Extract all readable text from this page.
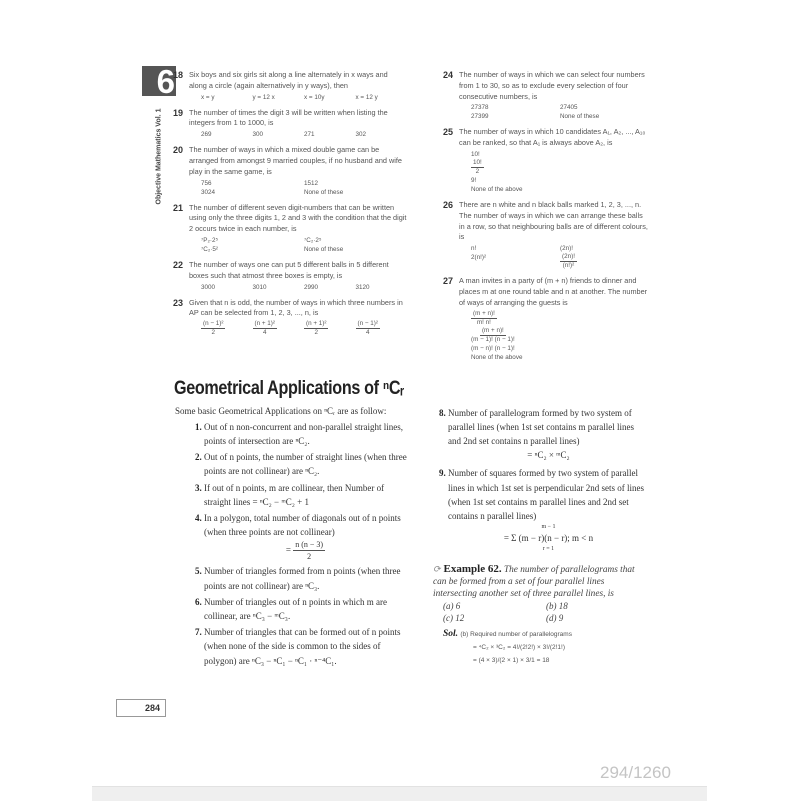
6
Objective Mathematics Vol. 1
18 Six boys and six girls sit along a line alternately in x ways and along a circle (again alternatively in y ways), then
x = y	y = 12 x	x = 10y	x = 12 y
19 The number of times the digit 3 will be written when listing the integers from 1 to 1000, is
269	300	271	302
20 The number of ways in which a mixed double game can be arranged from amongst 9 married couples, if no husband and wife play in the same game, is
756	1512
3024	None of these
21 The number of different seven digit-numbers that can be written using only the three digits 1, 2 and 3 with the condition that the digit 2 occurs twice in each number, is
⁷P₂·2⁵	⁷C₂·2⁵
⁷C₂·5²	None of these
22 The number of ways one can put 5 different balls in 5 different boxes such that atmost three boxes is empty, is
3000	3010	2990	3120
23 Given that n is odd, the number of ways in which three numbers in AP can be selected from 1, 2, 3, ..., n, is
$\frac{\text{(n − 1)²}}{2}$	$\frac{\text{(n + 1)²}}{4}$	$\frac{\text{(n + 1)²}}{2}$	$\frac{\text{(n − 1)²}}{4}$
24 The number of ways in which we can select four numbers from 1 to 30, so as to exclude every selection of four consecutive numbers, is
27378	27405
27399	None of these
25 The number of ways in which 10 candidates A₁, A₂, ..., A₁₀ can be ranked, so that A₁ is always above A₂, is
10!
$\frac{10!}{2}$
9!
None of the above
26 There are n white and n black balls marked 1, 2, 3, ..., n. The number of ways in which we can arrange these balls in a row, so that neighbouring balls are of different colours, is
n!	(2n)!
2(n!)²	$\frac{(2n)!}{\text{(n!)²}}$
27 A man invites in a party of (m + n) friends to dinner and places m at one round table and n at another. The number of ways of arranging the guests is
$\frac{(m + n)!}{m! n!}$
$\frac{(m + n)!}{(m - 1)! (n - 1)!}$
(m − n)! (n − 1)!
None of the above
Geometrical Applications of ⁿCᵣ
Some basic Geometrical Applications on ⁿCᵣ are as follow:
1. Out of n non-concurrent and non-parallel straight lines, points of intersection are ⁿC₂.
2. Out of n points, the number of straight lines (when three points are not collinear) are ⁿC₂.
3. If out of n points, m are collinear, then Number of straight lines = ⁿC₂ − ᵐC₂ + 1
4. In a polygon, total number of diagonals out of n points (when three points are not collinear)
= $\frac{n (n - 3)}{2}$
5. Number of triangles formed from n points (when three points are not collinear) are ⁿC₃.
6. Number of triangles out of n points in which m are collinear, are ⁿC₃ − ᵐC₃.
7. Number of triangles that can be formed out of n points (when none of the side is common to the sides of polygon) are ⁿC₃ − ⁿC₁ − ⁿC₁ · ⁿ⁻⁴C₁.
8. Number of parallelogram formed by two system of parallel lines (when 1st set contains m parallel lines and 2nd set contains n parallel lines)
= ⁿC₂ × ᵐC₂
9. Number of squares formed by two system of parallel lines in which 1st set is perpendicular 2nd sets of lines (when 1st set contains m parallel lines and 2nd set contains n parallel lines)
m − 1
= Σ (m − r)(n − r); m < n
r = 1
⟳ Example 62. The number of parallelograms that can be formed from a set of four parallel lines intersecting another set of three parallel lines, is
(a) 6	(b) 18
(c) 12	(d) 9
Sol. (b) Required number of parallelograms
= ⁴C₂ × ³C₂ = 4!/(2!2!) × 3!/(2!1!)
= (4 × 3)/(2 × 1) × 3/1 = 18
284
294/1260
